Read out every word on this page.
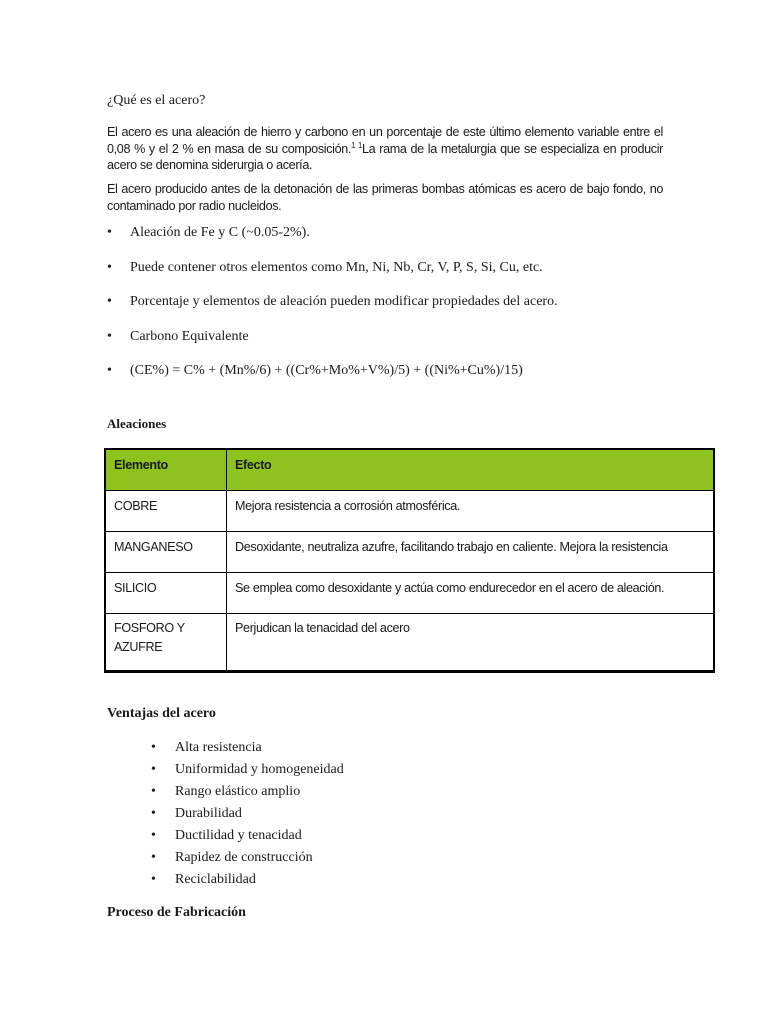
¿Qué es el acero?
El acero es una aleación de hierro y carbono en un porcentaje de este último elemento variable entre el 0,08 % y el 2 % en masa de su composición.$^{1 1}$La rama de la metalurgia que se especializa en producir acero se denomina siderurgia o acería.
El acero producido antes de la detonación de las primeras bombas atómicas es acero de bajo fondo, no contaminado por radio nucleidos.
•	Aleación de Fe y C (~0.05-2%).
•	Puede contener otros elementos como Mn, Ni, Nb, Cr, V, P, S, Si, Cu, etc.
•	Porcentaje y elementos de aleación pueden modificar propiedades del acero.
•	Carbono Equivalente
•	(CE%) = C% + (Mn%/6) + ((Cr%+Mo%+V%)/5) + ((Ni%+Cu%)/15)
Aleaciones
Elemento	Efecto
COBRE	Mejora resistencia a corrosión atmosférica.
MANGANESO	Desoxidante, neutraliza azufre, facilitando trabajo en caliente. Mejora la resistencia
SILICIO	Se emplea como desoxidante y actúa como endurecedor en el acero de aleación.
FOSFORO Y AZUFRE	Perjudican la tenacidad del acero
Ventajas del acero
•	Alta resistencia
•	Uniformidad y homogeneidad
•	Rango elástico amplio
•	Durabilidad
•	Ductilidad y tenacidad
•	Rapidez de construcción
•	Reciclabilidad
Proceso de Fabricación
